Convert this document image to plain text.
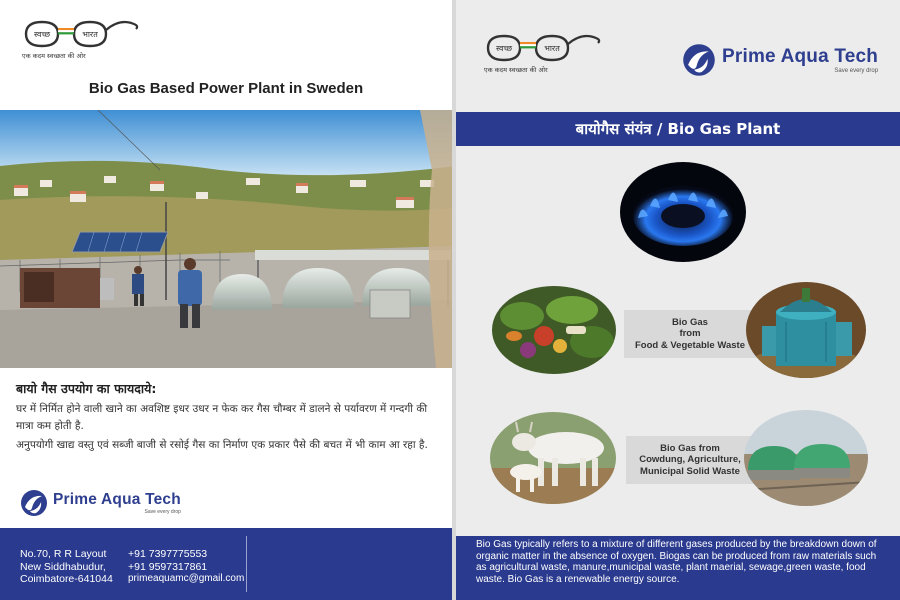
स्वच्छ	भारत
एक कदम स्वच्छता की ओर
Bio Gas Based Power Plant in Sweden
बायो गैस उपयोग का फायदाये:
घर में निर्मित होने वाली खाने का अवशिष्ट इधर उधर न फेक कर गैस चौम्बर में डालने से पर्यावरण में गन्दगी की मात्रा कम होती है.
अनुपयोगी खाद्य वस्तु एवं सब्जी बाजी से रसोई गैस का निर्माण एक प्रकार पैसे की बचत में भी काम आ रहा है.
Prime Aqua Tech
Save every drop
No.70, R R Layout
New Siddhabudur,
Coimbatore-641044
+91 7397775553
+91 9597317861
primeaquamc@gmail.com
स्वच्छ	भारत
एक कदम स्वच्छता की ओर
Prime Aqua Tech
Save every drop
बायोगैस संयंत्र / Bio Gas Plant
Bio Gas
from
Food & Vegetable Waste
Bio Gas from
Cowdung, Agriculture,
Municipal Solid Waste
Bio Gas typically refers to a mixture of different gases produced by the breakdown down of organic matter in the absence of oxygen. Biogas can be produced from raw materials such as agricultural waste, manure,municipal waste, plant maerial, sewage,green waste, food waste. Bio Gas is a renewable energy source.
